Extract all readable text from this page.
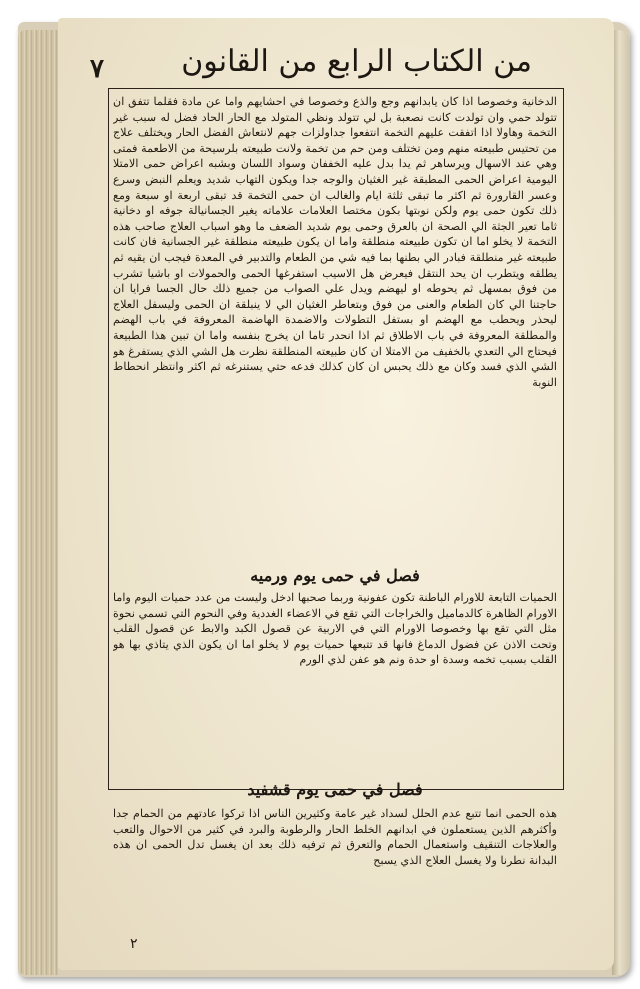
٧	من الكتاب الرابع من القانون
الدخانية وخصوصا اذا كان يابدانهم وجع والذع وخصوصا في احشايهم واما عن مادة فقلما تتفق ان تتولد حمي وان تولدت كانت نصعبة بل لي تتولد ونظي المتولد مع الحار الحاد فضل له سبب غير التخمة وهاولا اذا اتفقت عليهم التخمة انتفعوا جداولزات جهم لانتعاش الفضل الحار ويختلف علاج من تحتيس طبيعته منهم ومن تختلف ومن حم من تخمة ولانت طبيعته بلرسيحة من الاطعمة فمتى وهي عند الاسهال ويرساهر ثم يدا بدل عليه الخففان وسواد اللسان وبشبه اعراض حمى الامتلا اليومية اعراض الحمى المطبقة غير الغثيان والوجه جدا ويكون التهاب شديد ويعلم النبض وسرع وعسر القارورة ثم اكثر ما تبقى ثلثة ايام والغالب ان حمى التخمة قد تبقى اربعة او سبعة ومع ذلك تكون حمى يوم ولكن نوبتها بكون مختصا العلامات علاماته يغير الجسانيالة جوفه او دخانية ثاما تعير الجثة الي الصحة ان بالعرق وحمى يوم شديد الضعف ما وهو اسباب العلاج صاحب هذه التخمة لا يخلو اما ان تكون طبيعته منطلقة واما ان يكون طبيعته منطلقة غير الجسانية فان كانت طبيعته غير منطلقة فبادر الي بطنها بما فيه شي من الطعام والتدبير في المعدة فيجب ان يقيه ثم يطلقه ويتطرب ان يحد النتقل فيعرض هل الاسيب استفرغها الحمى والحمولات او باشيا تشرب من فوق بمسهل ثم يحوطه او ليهضم ويدل علي الصواب من جميع ذلك حال الجسا فرايا ان حاجتنا الي كان الطعام والعنى من فوق وبتعاطر الغثيان الي لا ينبلقة ان الحمى وليسفل العلاج ليحذر ويحطب مع الهضم او بستفل التطولات والاضمدة الهاضمة المعروفة في باب الهضم والمطلقة المعروفة في باب الاطلاق ثم اذا انحدر تاما ان يخرج بنفسه واما ان تبين هذا الطبيعة فيحتاج الي التعدي بالخفيف من الامتلا ان كان طبيعته المنطلقة نظرت هل الشي الذي يستفرغ هو الشي الذي فسد وكان مع ذلك يحبس ان كان كذلك فدعه حتي يستنرغه ثم اكثر وانتظر انحطاط النوبة
فصل في حمى يوم ورميه
الحميات التابعة للاورام الباطنة تكون عفونية وربما صحبها ادخل وليست من عدد حميات اليوم واما الاورام الظاهرة كالدماميل والخراجات التي تقع في الاعضاء الغددية وفي النحوم التي تسمي نحوة مثل التي تقع بها وخصوصا الاورام التي في الاربية عن قصول الكبد والابط عن قصول القلب وتحت الاذن عن فضول الدماغ فانها قد تتبعها حميات يوم لا يخلو اما ان يكون الذي يتاذي بها هو القلب بسبب تخمه وسدة او حدة ونم هو عفن لذي الورم
فصل في حمى يوم قشفيد
هذه الحمى انما تتبع عدم الحلل لسداد غير عامة وكثيرين الناس اذا تركوا عادتهم من الحمام جدا وأكثرهم الذين يستعملون في ابدانهم الخلط الحار والرطوبة والبرد في كثير من الاحوال والتعب والعلاجات التنقيف واستعمال الحمام والتعرق ثم ترفيه ذلك بعد ان يغسل تدل الحمى ان هذه البدانة نطرنا ولا يغسل العلاج الذي يسبح
٢
